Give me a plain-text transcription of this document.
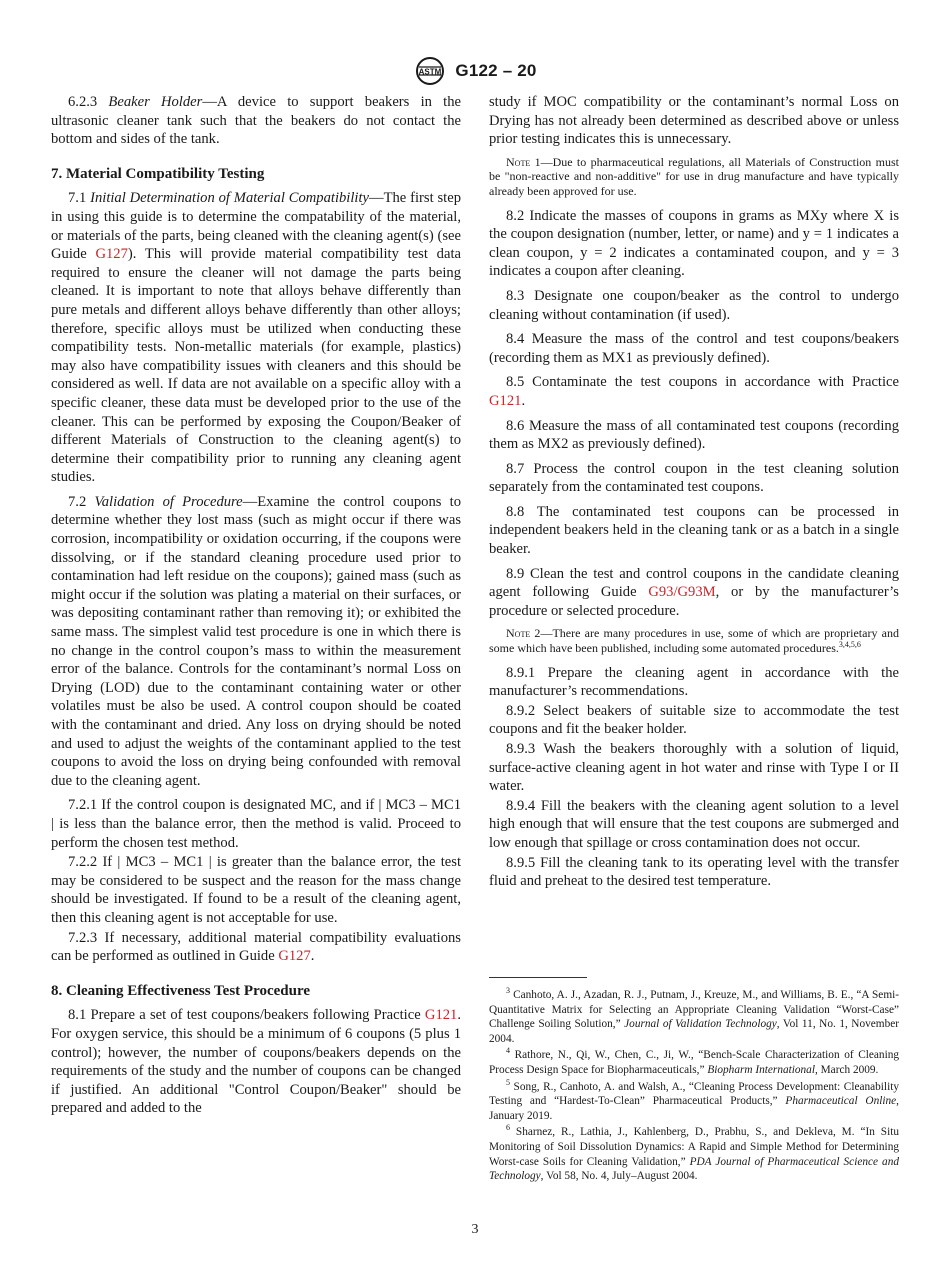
ASTM G122 – 20

6.2.3 Beaker Holder—A device to support beakers in the ultrasonic cleaner tank such that the beakers do not contact the bottom and sides of the tank.

7. Material Compatibility Testing

7.1 Initial Determination of Material Compatibility—The first step in using this guide is to determine the compatability of the material, or materials of the parts, being cleaned with the cleaning agent(s) (see Guide G127). This will provide material compatibility test data required to ensure the cleaner will not damage the parts being cleaned. It is important to note that alloys behave differently than pure metals and different alloys behave differently than other alloys; therefore, specific alloys must be utilized when conducting these compatibility tests. Non-metallic materials (for example, plastics) may also have compatibility issues with cleaners and this should be considered as well. If data are not available on a specific alloy with a specific cleaner, these data must be developed prior to the use of the cleaner. This can be performed by exposing the Coupon/Beaker of different Materials of Construction to the cleaning agent(s) to determine their compatibility prior to running any cleaning agent studies.

7.2 Validation of Procedure—Examine the control coupons to determine whether they lost mass (such as might occur if there was corrosion, incompatibility or oxidation occurring, if the coupons were dissolving, or if the standard cleaning procedure used prior to contamination had left residue on the coupons); gained mass (such as might occur if the solution was plating a material on their surfaces, or was depositing contaminant rather than removing it); or exhibited the same mass. The simplest valid test procedure is one in which there is no change in the control coupon’s mass to within the measurement error of the balance. Controls for the contaminant’s normal Loss on Drying (LOD) due to the contaminant containing water or other volatiles must be also be used. A control coupon should be coated with the contaminant and dried. Any loss on drying should be noted and used to adjust the weights of the contaminant applied to the test coupons to avoid the loss on drying being confounded with removal due to the cleaning agent.

7.2.1 If the control coupon is designated MC, and if | MC3 – MC1 | is less than the balance error, then the method is valid. Proceed to perform the chosen test method.

7.2.2 If | MC3 – MC1 | is greater than the balance error, the test may be considered to be suspect and the reason for the mass change should be investigated. If found to be a result of the cleaning agent, then this cleaning agent is not acceptable for use.

7.2.3 If necessary, additional material compatibility evaluations can be performed as outlined in Guide G127.

8. Cleaning Effectiveness Test Procedure

8.1 Prepare a set of test coupons/beakers following Practice G121. For oxygen service, this should be a minimum of 6 coupons (5 plus 1 control); however, the number of coupons/beakers depends on the requirements of the study and the number of coupons can be changed if justified. An additional "Control Coupon/Beaker" should be prepared and added to the

study if MOC compatibility or the contaminant’s normal Loss on Drying has not already been determined as described above or unless prior testing indicates this is unnecessary.

Note 1—Due to pharmaceutical regulations, all Materials of Construction must be "non-reactive and non-additive" for use in drug manufacture and have typically already been approved for use.

8.2 Indicate the masses of coupons in grams as MXy where X is the coupon designation (number, letter, or name) and y = 1 indicates a clean coupon, y = 2 indicates a contaminated coupon, and y = 3 indicates a coupon after cleaning.

8.3 Designate one coupon/beaker as the control to undergo cleaning without contamination (if used).

8.4 Measure the mass of the control and test coupons/beakers (recording them as MX1 as previously defined).

8.5 Contaminate the test coupons in accordance with Practice G121.

8.6 Measure the mass of all contaminated test coupons (recording them as MX2 as previously defined).

8.7 Process the control coupon in the test cleaning solution separately from the contaminated test coupons.

8.8 The contaminated test coupons can be processed in independent beakers held in the cleaning tank or as a batch in a single beaker.

8.9 Clean the test and control coupons in the candidate cleaning agent following Guide G93/G93M, or by the manufacturer’s procedure or selected procedure.

Note 2—There are many procedures in use, some of which are proprietary and some which have been published, including some automated procedures.$^{3,4,5,6}$

8.9.1 Prepare the cleaning agent in accordance with the manufacturer’s recommendations.

8.9.2 Select beakers of suitable size to accommodate the test coupons and fit the beaker holder.

8.9.3 Wash the beakers thoroughly with a solution of liquid, surface-active cleaning agent in hot water and rinse with Type I or II water.

8.9.4 Fill the beakers with the cleaning agent solution to a level high enough that will ensure that the test coupons are submerged and low enough that spillage or cross contamination does not occur.

8.9.5 Fill the cleaning tank to its operating level with the transfer fluid and preheat to the desired test temperature.

$^3$ Canhoto, A. J., Azadan, R. J., Putnam, J., Kreuze, M., and Williams, B. E., “A Semi-Quantitative Matrix for Selecting an Appropriate Cleaning Validation “Worst-Case” Challenge Soiling Solution,” Journal of Validation Technology, Vol 11, No. 1, November 2004.
$^4$ Rathore, N., Qi, W., Chen, C., Ji, W., “Bench-Scale Characterization of Cleaning Process Design Space for Biopharmaceuticals,” Biopharm International, March 2009.
$^5$ Song, R., Canhoto, A. and Walsh, A., “Cleaning Process Development: Cleanability Testing and “Hardest-To-Clean” Pharmaceutical Products,” Pharmaceutical Online, January 2019.
$^6$ Sharnez, R., Lathia, J., Kahlenberg, D., Prabhu, S., and Dekleva, M. “In Situ Monitoring of Soil Dissolution Dynamics: A Rapid and Simple Method for Determining Worst-case Soils for Cleaning Validation,” PDA Journal of Pharmaceutical Science and Technology, Vol 58, No. 4, July–August 2004.
3
